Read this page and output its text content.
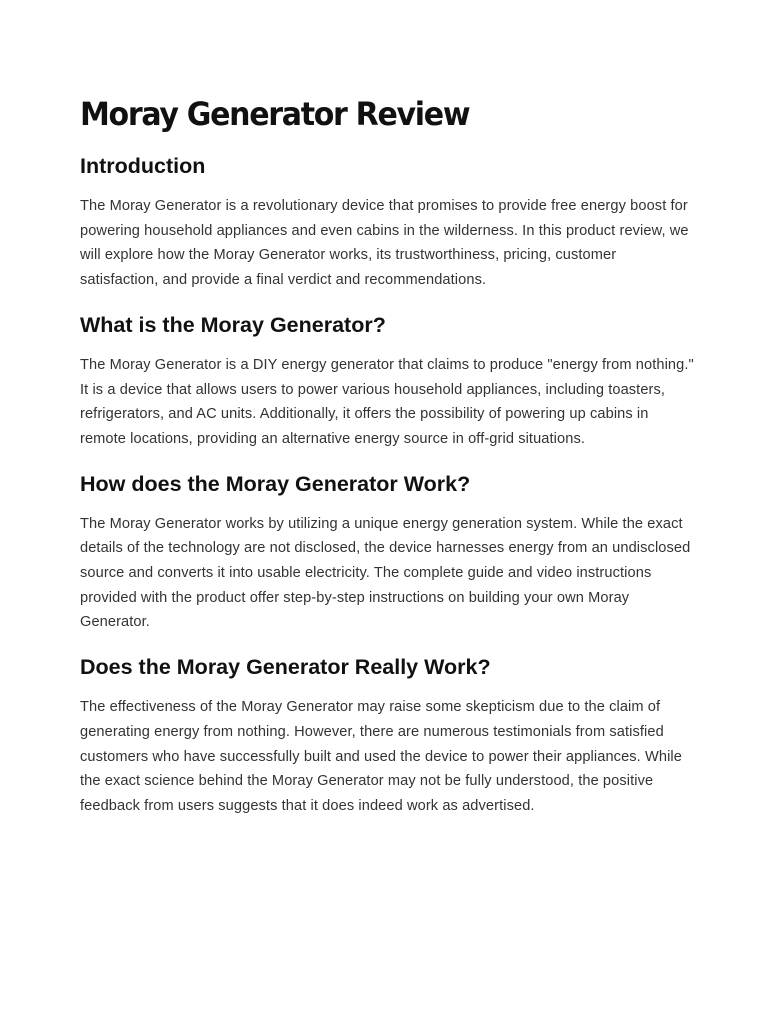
Moray Generator Review
Introduction

The Moray Generator is a revolutionary device that promises to provide free energy boost for powering household appliances and even cabins in the wilderness. In this product review, we will explore how the Moray Generator works, its trustworthiness, pricing, customer satisfaction, and provide a final verdict and recommendations.

What is the Moray Generator?

The Moray Generator is a DIY energy generator that claims to produce "energy from nothing." It is a device that allows users to power various household appliances, including toasters, refrigerators, and AC units. Additionally, it offers the possibility of powering up cabins in remote locations, providing an alternative energy source in off-grid situations.

How does the Moray Generator Work?

The Moray Generator works by utilizing a unique energy generation system. While the exact details of the technology are not disclosed, the device harnesses energy from an undisclosed source and converts it into usable electricity. The complete guide and video instructions provided with the product offer step-by-step instructions on building your own Moray Generator.

Does the Moray Generator Really Work?

The effectiveness of the Moray Generator may raise some skepticism due to the claim of generating energy from nothing. However, there are numerous testimonials from satisfied customers who have successfully built and used the device to power their appliances. While the exact science behind the Moray Generator may not be fully understood, the positive feedback from users suggests that it does indeed work as advertised.
